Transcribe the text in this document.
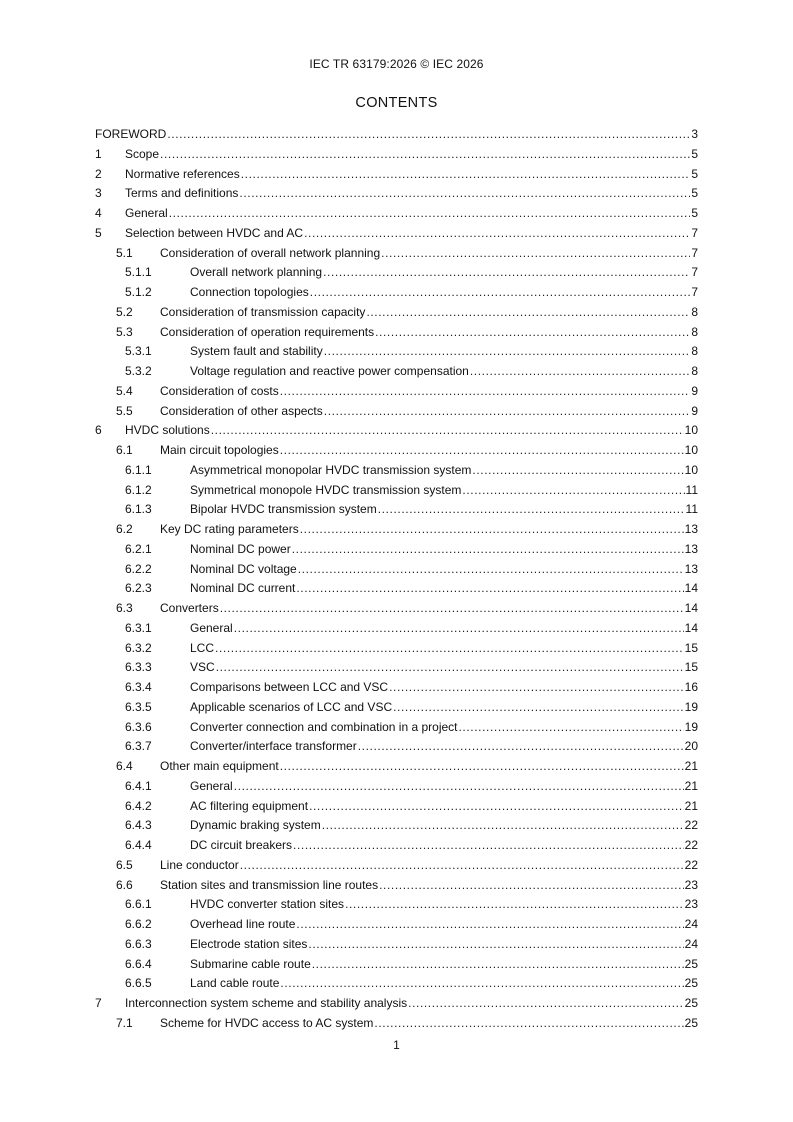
IEC TR 63179:2026 © IEC 2026
CONTENTS
FOREWORD .....	3
1 Scope .....	5
2 Normative references .....	5
3 Terms and definitions .....	5
4 General .....	5
5 Selection between HVDC and AC .....	7
5.1 Consideration of overall network planning .....	7
5.1.1	Overall network planning .....	7
5.1.2	Connection topologies .....	7
5.2 Consideration of transmission capacity .....	8
5.3 Consideration of operation requirements .....	8
5.3.1	System fault and stability .....	8
5.3.2	Voltage regulation and reactive power compensation .....	8
5.4 Consideration of costs .....	9
5.5 Consideration of other aspects .....	9
6 HVDC solutions .....	10
6.1 Main circuit topologies .....	10
6.1.1	Asymmetrical monopolar HVDC transmission system .....	10
6.1.2	Symmetrical monopole HVDC transmission system .....	11
6.1.3	Bipolar HVDC transmission system .....	11
6.2 Key DC rating parameters .....	13
6.2.1	Nominal DC power .....	13
6.2.2	Nominal DC voltage .....	13
6.2.3	Nominal DC current .....	14
6.3 Converters .....	14
6.3.1	General .....	14
6.3.2	LCC .....	15
6.3.3	VSC .....	15
6.3.4	Comparisons between LCC and VSC .....	16
6.3.5	Applicable scenarios of LCC and VSC .....	19
6.3.6	Converter connection and combination in a project .....	19
6.3.7	Converter/interface transformer .....	20
6.4 Other main equipment .....	21
6.4.1	General .....	21
6.4.2	AC filtering equipment .....	21
6.4.3	Dynamic braking system .....	22
6.4.4	DC circuit breakers .....	22
6.5 Line conductor .....	22
6.6 Station sites and transmission line routes .....	23
6.6.1	HVDC converter station sites .....	23
6.6.2	Overhead line route .....	24
6.6.3	Electrode station sites .....	24
6.6.4	Submarine cable route .....	25
6.6.5	Land cable route .....	25
7 Interconnection system scheme and stability analysis .....	25
7.1 Scheme for HVDC access to AC system .....	25
1
